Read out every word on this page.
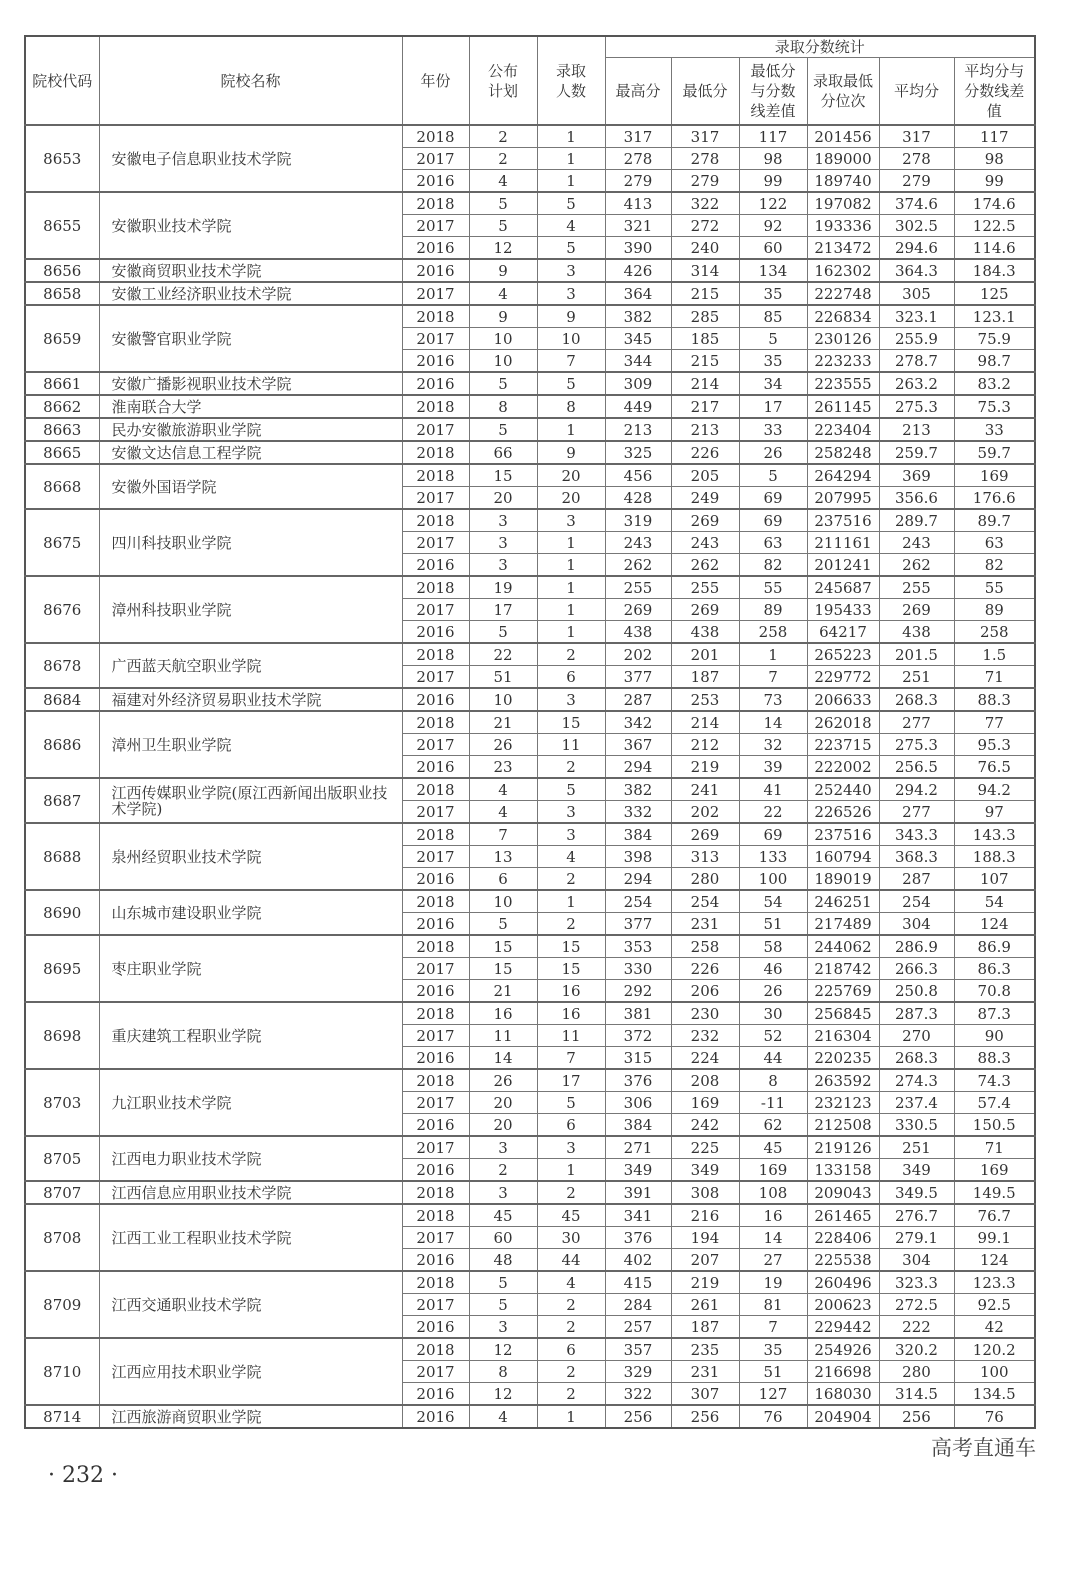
院校代码	院校名称	年份	公布计划	录取人数	录取分数统计					
					最高分	最低分	最低分与分数线差值	录取最低分位次	平均分	平均分与分数线差值
8653	安徽电子信息职业技术学院	2018	2	1	317	317	117	201456	317	117
		2017	2	1	278	278	98	189000	278	98
		2016	4	1	279	279	99	189740	279	99
8655	安徽职业技术学院	2018	5	5	413	322	122	197082	374.6	174.6
		2017	5	4	321	272	92	193336	302.5	122.5
		2016	12	5	390	240	60	213472	294.6	114.6
8656	安徽商贸职业技术学院	2016	9	3	426	314	134	162302	364.3	184.3
8658	安徽工业经济职业技术学院	2017	4	3	364	215	35	222748	305	125
8659	安徽警官职业学院	2018	9	9	382	285	85	226834	323.1	123.1
		2017	10	10	345	185	5	230126	255.9	75.9
		2016	10	7	344	215	35	223233	278.7	98.7
8661	安徽广播影视职业技术学院	2016	5	5	309	214	34	223555	263.2	83.2
8662	淮南联合大学	2018	8	8	449	217	17	261145	275.3	75.3
8663	民办安徽旅游职业学院	2017	5	1	213	213	33	223404	213	33
8665	安徽文达信息工程学院	2018	66	9	325	226	26	258248	259.7	59.7
8668	安徽外国语学院	2018	15	20	456	205	5	264294	369	169
		2017	20	20	428	249	69	207995	356.6	176.6
8675	四川科技职业学院	2018	3	3	319	269	69	237516	289.7	89.7
		2017	3	1	243	243	63	211161	243	63
		2016	3	1	262	262	82	201241	262	82
8676	漳州科技职业学院	2018	19	1	255	255	55	245687	255	55
		2017	17	1	269	269	89	195433	269	89
		2016	5	1	438	438	258	64217	438	258
8678	广西蓝天航空职业学院	2018	22	2	202	201	1	265223	201.5	1.5
		2017	51	6	377	187	7	229772	251	71
8684	福建对外经济贸易职业技术学院	2016	10	3	287	253	73	206633	268.3	88.3
8686	漳州卫生职业学院	2018	21	15	342	214	14	262018	277	77
		2017	26	11	367	212	32	223715	275.3	95.3
		2016	23	2	294	219	39	222002	256.5	76.5
8687	江西传媒职业学院(原江西新闻出版职业技术学院)	2018	4	5	382	241	41	252440	294.2	94.2
		2017	4	3	332	202	22	226526	277	97
8688	泉州经贸职业技术学院	2018	7	3	384	269	69	237516	343.3	143.3
		2017	13	4	398	313	133	160794	368.3	188.3
		2016	6	2	294	280	100	189019	287	107
8690	山东城市建设职业学院	2018	10	1	254	254	54	246251	254	54
		2016	5	2	377	231	51	217489	304	124
8695	枣庄职业学院	2018	15	15	353	258	58	244062	286.9	86.9
		2017	15	15	330	226	46	218742	266.3	86.3
		2016	21	16	292	206	26	225769	250.8	70.8
8698	重庆建筑工程职业学院	2018	16	16	381	230	30	256845	287.3	87.3
		2017	11	11	372	232	52	216304	270	90
		2016	14	7	315	224	44	220235	268.3	88.3
8703	九江职业技术学院	2018	26	17	376	208	8	263592	274.3	74.3
		2017	20	5	306	169	-11	232123	237.4	57.4
		2016	20	6	384	242	62	212508	330.5	150.5
8705	江西电力职业技术学院	2017	3	3	271	225	45	219126	251	71
		2016	2	1	349	349	169	133158	349	169
8707	江西信息应用职业技术学院	2018	3	2	391	308	108	209043	349.5	149.5
8708	江西工业工程职业技术学院	2018	45	45	341	216	16	261465	276.7	76.7
		2017	60	30	376	194	14	228406	279.1	99.1
		2016	48	44	402	207	27	225538	304	124
8709	江西交通职业技术学院	2018	5	4	415	219	19	260496	323.3	123.3
		2017	5	2	284	261	81	200623	272.5	92.5
		2016	3	2	257	187	7	229442	222	42
8710	江西应用技术职业学院	2018	12	6	357	235	35	254926	320.2	120.2
		2017	8	2	329	231	51	216698	280	100
		2016	12	2	322	307	127	168030	314.5	134.5
8714	江西旅游商贸职业学院	2016	4	1	256	256	76	204904	256	76
高考直通车
· 232 ·
